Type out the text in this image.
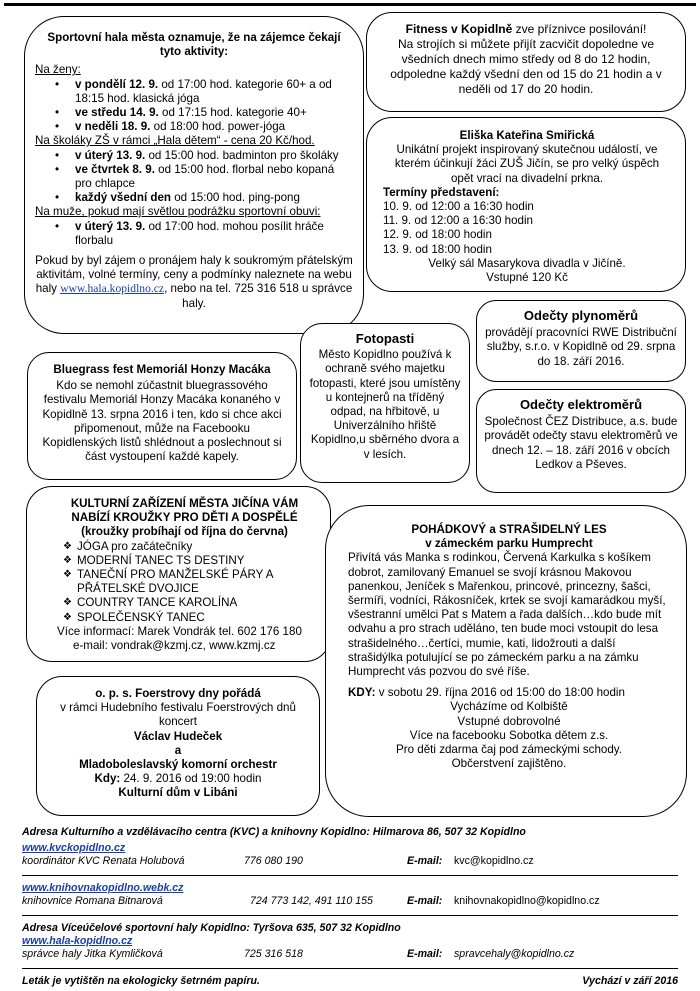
Sportovní hala města oznamuje, že na zájemce čekají tyto aktivity:
Na ženy:
• v pondělí 12. 9. od 17:00 hod. kategorie 60+ a od 18:15 hod. klasická jóga
• ve středu 14. 9. od 17:15 hod. kategorie 40+
• v neděli 18. 9. od 18:00 hod. power-jóga
Na školáky ZŠ v rámci „Hala dětem“ - cena 20 Kč/hod.
• v úterý 13. 9. od 15:00 hod. badminton pro školáky
• ve čtvrtek 8. 9. od 15:00 hod. florbal nebo kopaná pro chlapce
• každý všední den od 15:00 hod. ping-pong
Na muže, pokud mají světlou podrážku sportovní obuvi:
• v úterý 13. 9. od 17:00 hod. mohou posílit hráče florbalu
Pokud by byl zájem o pronájem haly k soukromým přátelským aktivitám, volné termíny, ceny a podmínky naleznete na webu haly www.hala.kopidlno.cz, nebo na tel. 725 316 518 u správce haly.
Fitness v Kopidlně zve příznivce posilování!
Na strojích si můžete přijít zacvičit dopoledne ve všedních dnech mimo středy od 8 do 12 hodin, odpoledne každý všední den od 15 do 21 hodin a v neděli od 17 do 20 hodin.
Eliška Kateřina Smiřická
Unikátní projekt inspirovaný skutečnou událostí, ve kterém účinkují žáci ZUŠ Jičín, se pro velký úspěch opět vrací na divadelní prkna.
Termíny představení:
10. 9. od 12:00 a 16:30 hodin
11. 9. od 12:00 a 16:30 hodin
12. 9. od 18:00 hodin
13. 9. od 18:00 hodin
Velký sál Masarykova divadla v Jičíně.
Vstupné 120 Kč
Odečty plynoměrů
provádějí pracovníci RWE Distribuční služby, s.r.o. v Kopidlně od 29. srpna do 18. září 2016.
Fotopasti
Město Kopidlno používá k ochraně svého majetku fotopasti, které jsou umístěny u kontejnerů na tříděný odpad, na hřbitově, u Univerzálního hřiště Kopidlno,u sběrného dvora a v lesích.
Bluegrass fest Memoriál Honzy Macáka
Kdo se nemohl zúčastnit bluegrassového festivalu Memoriál Honzy Macáka konaného v Kopidlně 13. srpna 2016 i ten, kdo si chce akci připomenout, může na Facebooku Kopidlenských listů shlédnout a poslechnout si část vystoupení každé kapely.
Odečty elektroměrů
Společnost ČEZ Distribuce, a.s. bude provádět odečty stavu elektroměrů ve dnech 12. – 18. září 2016 v obcích Ledkov a Pševes.
KULTURNÍ ZAŘÍZENÍ MĚSTA JIČÍNA VÁM NABÍZÍ KROUŽKY PRO DĚTI A DOSPĚLÉ
(kroužky probíhají od října do června)
❖ JÓGA pro začátečníky
❖ MODERNÍ TANEC TS DESTINY
❖ TANEČNÍ PRO MANŽELSKÉ PÁRY A PŘÁTELSKÉ DVOJICE
❖ COUNTRY TANCE KAROLÍNA
❖ SPOLEČENSKÝ TANEC
Více informací: Marek Vondrák tel. 602 176 180
e-mail: vondrak@kzmj.cz, www.kzmj.cz
POHÁDKOVÝ a STRAŠIDELNÝ LES
v zámeckém parku Humprecht
Přivítá vás Manka s rodinkou, Červená Karkulka s košíkem dobrot, zamilovaný Emanuel se svojí krásnou Makovou panenkou, Jeníček s Mařenkou, princové, princezny, šašci, šermíři, vodníci, Rákosníček, krtek se svojí kamarádkou myší, všestranní umělci Pat s Matem a řada dalších…kdo bude mít odvahu a pro strach uděláno, ten bude moci vstoupit do lesa strašidelného…čertíci, mumie, kati, lidožrouti a další strašidýlka potulující se po zámeckém parku a na zámku Humprecht vás pozvou do své říše.
KDY: v sobotu 29. října 2016 od 15:00 do 18:00 hodin
Vycházíme od Kolbiště
Vstupné dobrovolné
Více na facebooku Sobotka dětem z.s.
Pro děti zdarma čaj pod zámeckými schody.
Občerstvení zajištěno.
o. p. s. Foerstrovy dny pořádá
v rámci Hudebního festivalu Foerstrových dnů koncert
Václav Hudeček
a
Mladoboleslavský komorní orchestr
Kdy: 24. 9. 2016 od 19:00 hodin
Kulturní dům v Libáni
Adresa Kulturního a vzdělávacího centra (KVC) a knihovny Kopidlno: Hilmarova 86, 507 32 Kopidlno
www.kvckopidlno.cz
koordinátor KVC Renata Holubová	776 080 190	E-mail: kvc@kopidlno.cz
www.knihovnakopidlno.webk.cz
knihovnice Romana Bitnarová	724 773 142, 491 110 155	E-mail: knihovnakopidlno@kopidlno.cz
Adresa Víceúčelové sportovní haly Kopidlno: Tyršova 635, 507 32 Kopidlno
www.hala-kopidlno.cz
správce haly Jitka Kymličková	725 316 518	E-mail: spravcehaly@kopidlno.cz
Leták je vytištěn na ekologicky šetrném papíru.	Vychází v září 2016
